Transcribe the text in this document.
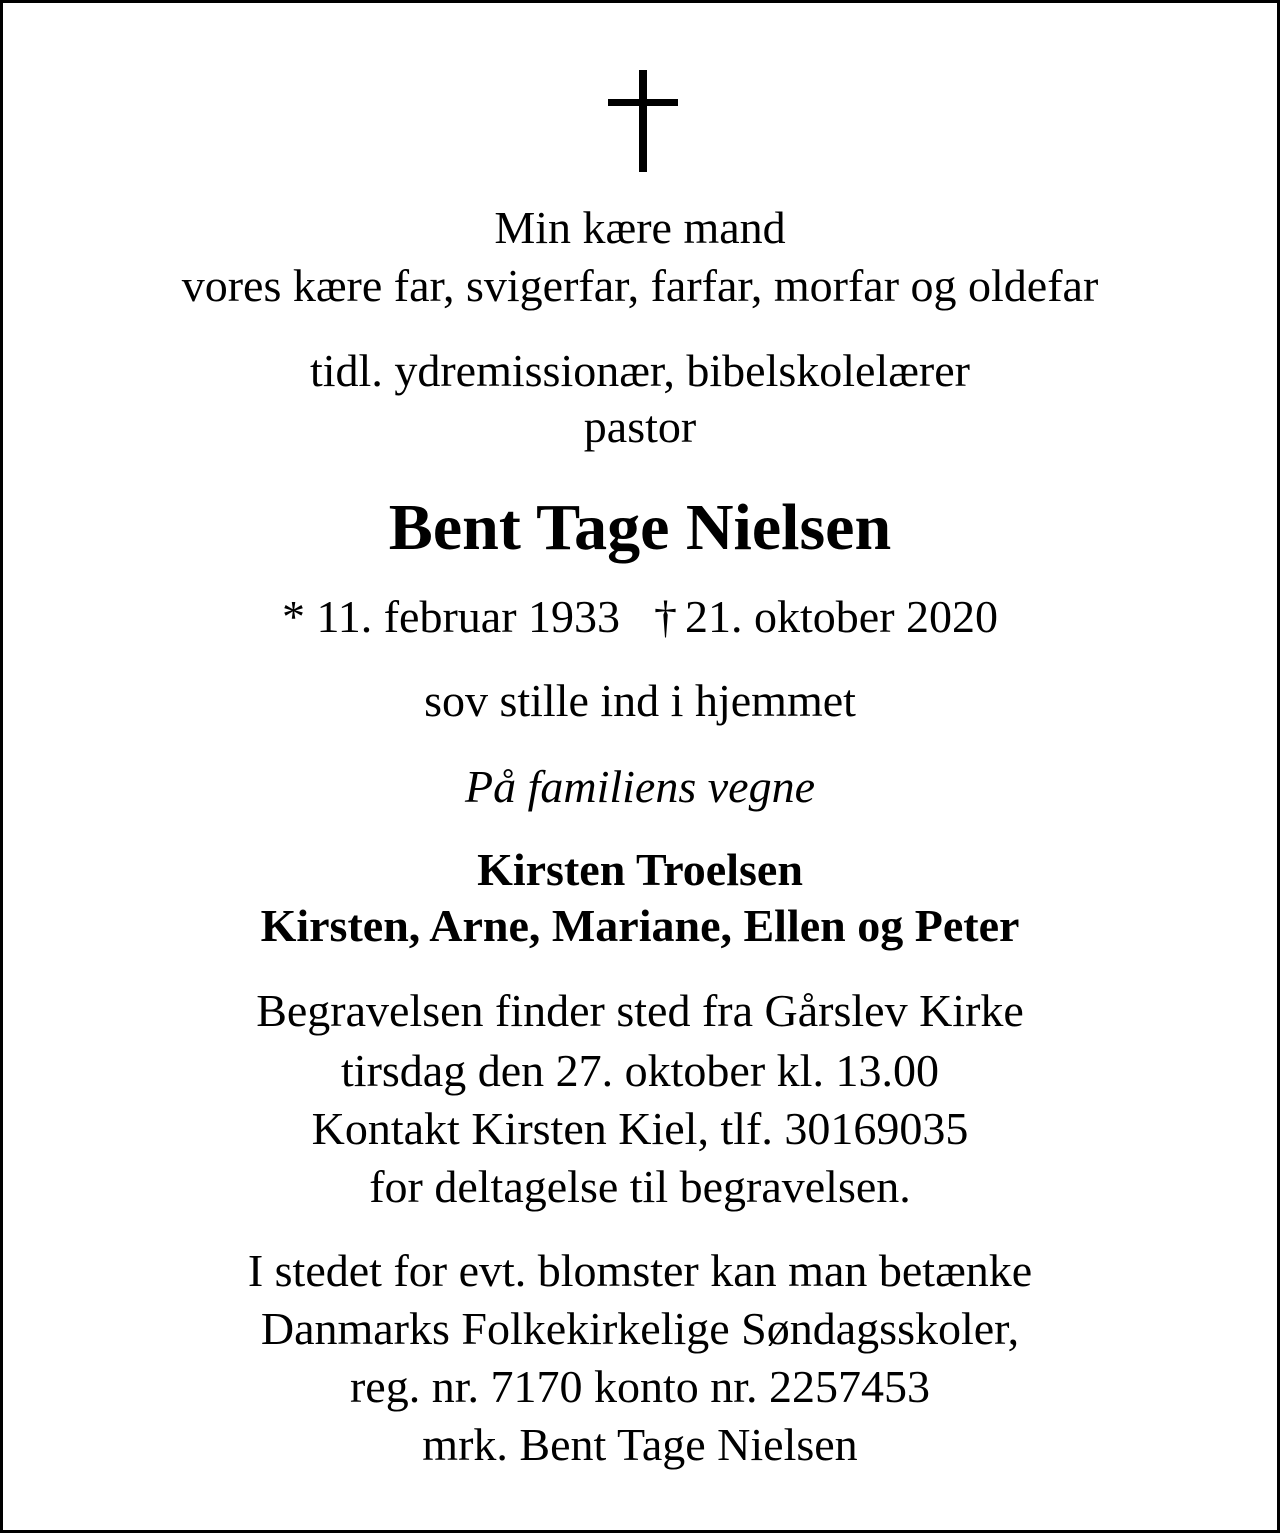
Min kære mand

vores kære far, svigerfar, farfar, morfar og oldefar

tidl. ydremissionær, bibelskolelærer

pastor

Bent Tage Nielsen

* 11. februar 1933 † 21. oktober 2020

sov stille ind i hjemmet

På familiens vegne

Kirsten Troelsen

Kirsten, Arne, Mariane, Ellen og Peter

Begravelsen finder sted fra Gårslev Kirke

tirsdag den 27. oktober kl. 13.00

Kontakt Kirsten Kiel, tlf. 30169035

for deltagelse til begravelsen.

I stedet for evt. blomster kan man betænke

Danmarks Folkekirkelige Søndagsskoler,

reg. nr. 7170 konto nr. 2257453

mrk. Bent Tage Nielsen
